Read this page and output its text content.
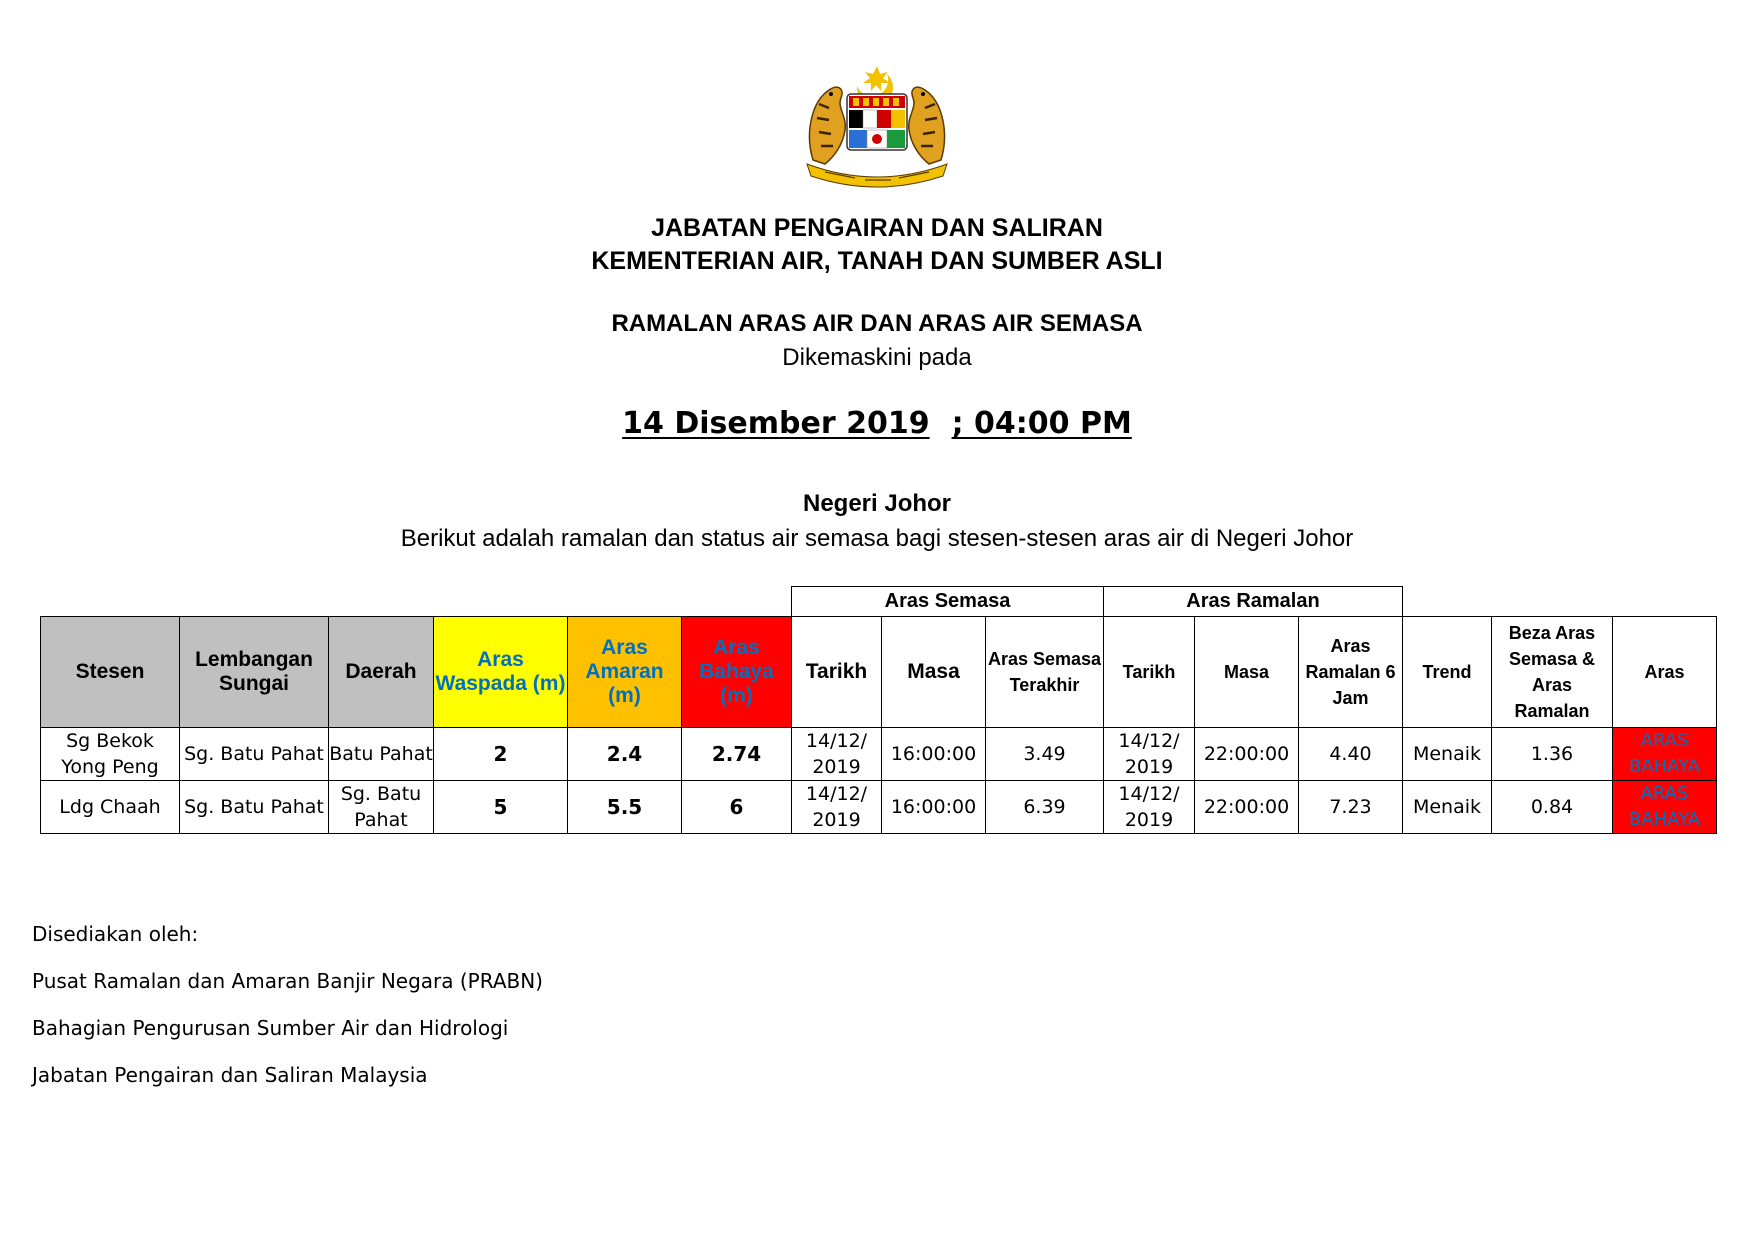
JABATAN PENGAIRAN DAN SALIRAN
KEMENTERIAN AIR, TANAH DAN SUMBER ASLI
RAMALAN ARAS AIR DAN ARAS AIR SEMASA
Dikemaskini pada
14 Disember 2019 ; 04:00 PM
Negeri Johor
Berikut adalah ramalan dan status air semasa bagi stesen-stesen aras air di Negeri Johor
						Aras Semasa			Aras Ramalan					
Stesen	Lembangan Sungai	Daerah	Aras Waspada (m)	Aras Amaran (m)	Aras Bahaya (m)	Tarikh	Masa	Aras Semasa Terakhir	Tarikh	Masa	Aras Ramalan 6 Jam	Trend	Beza Aras Semasa & Aras Ramalan	Aras
Sg Bekok Yong Peng	Sg. Batu Pahat	Batu Pahat	2	2.4	2.74	14/12/ 2019	16:00:00	3.49	14/12/ 2019	22:00:00	4.40	Menaik	1.36	ARAS BAHAYA
Ldg Chaah	Sg. Batu Pahat	Sg. Batu Pahat	5	5.5	6	14/12/ 2019	16:00:00	6.39	14/12/ 2019	22:00:00	7.23	Menaik	0.84	ARAS BAHAYA
Disediakan oleh:
Pusat Ramalan dan Amaran Banjir Negara (PRABN)
Bahagian Pengurusan Sumber Air dan Hidrologi
Jabatan Pengairan dan Saliran Malaysia
